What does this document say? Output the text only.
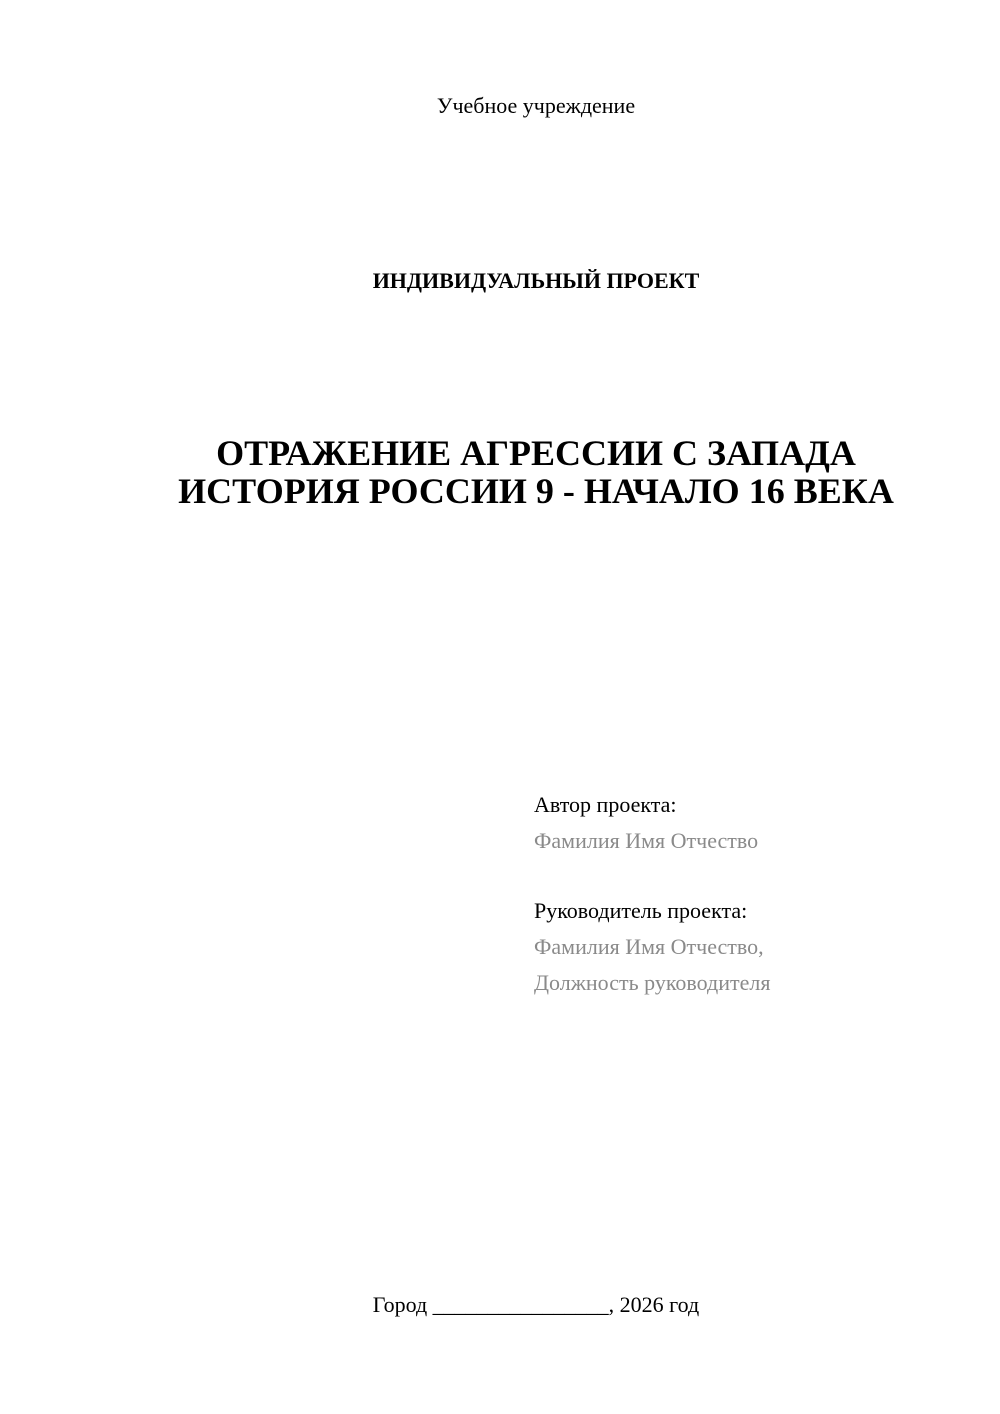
Учебное учреждение
ИНДИВИДУАЛЬНЫЙ ПРОЕКТ
ОТРАЖЕНИЕ АГРЕССИИ С ЗАПАДА
ИСТОРИЯ РОССИИ 9 - НАЧАЛО 16 ВЕКА
Автор проекта:
Фамилия Имя Отчество
Руководитель проекта:
Фамилия Имя Отчество,
Должность руководителя
Город ________________, 2026 год
